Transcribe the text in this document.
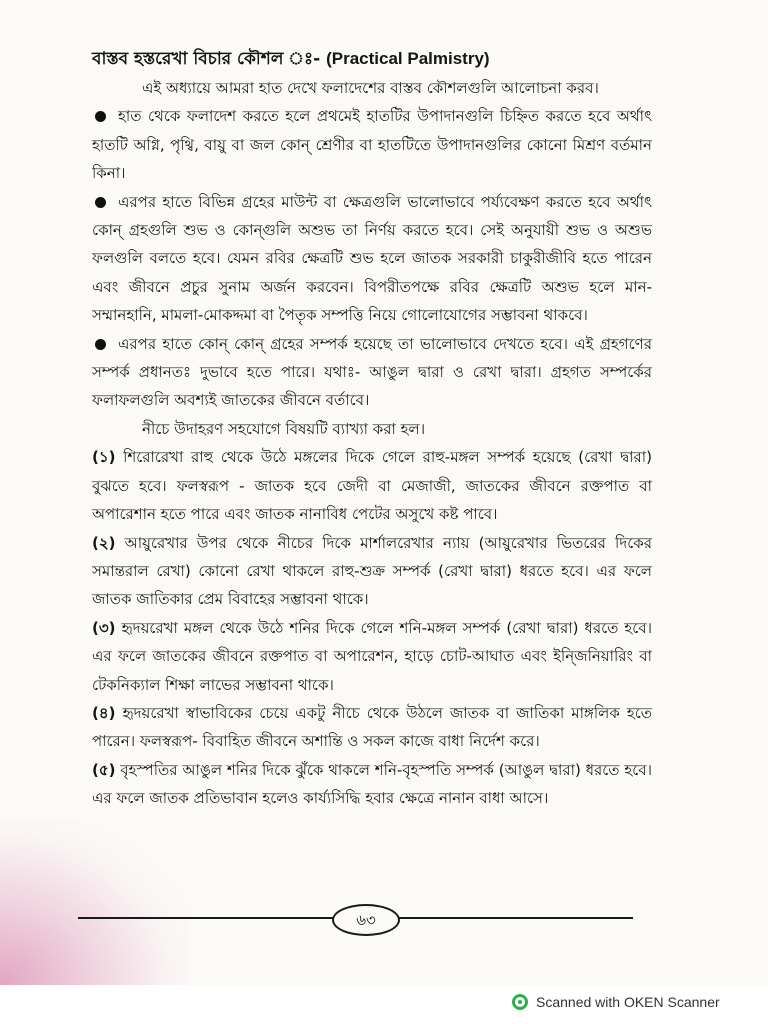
বাস্তব হস্তরেখা বিচার কৌশল ঃ- (Practical Palmistry)

এই অধ্যায়ে আমরা হাত দেখে ফলাদেশের বাস্তব কৌশলগুলি আলোচনা করব।

হাত থেকে ফলাদেশ করতে হলে প্রথমেই হাতটির উপাদানগুলি চিহ্নিত করতে হবে অর্থাৎ হাতটি অগ্নি, পৃথ্বি, বায়ু বা জল কোন্ শ্রেণীর বা হাতটিতে উপাদানগুলির কোনো মিশ্রণ বর্তমান কিনা।

এরপর হাতে বিভিন্ন গ্রহের মাউন্ট বা ক্ষেত্রগুলি ভালোভাবে পর্য্যবেক্ষণ করতে হবে অর্থাৎ কোন্ গ্রহগুলি শুভ ও কোন্গুলি অশুভ তা নির্ণয় করতে হবে। সেই অনুযায়ী শুভ ও অশুভ ফলগুলি বলতে হবে। যেমন রবির ক্ষেত্রটি শুভ হলে জাতক সরকারী চাকুরীজীবি হতে পারেন এবং জীবনে প্রচুর সুনাম অর্জন করবেন। বিপরীতপক্ষে রবির ক্ষেত্রটি অশুভ হলে মান-সম্মানহানি, মামলা-মোকদ্দমা বা পৈতৃক সম্পত্তি নিয়ে গোলোযোগের সম্ভাবনা থাকবে।

এরপর হাতে কোন্ কোন্ গ্রহের সম্পর্ক হয়েছে তা ভালোভাবে দেখতে হবে। এই গ্রহগণের সম্পর্ক প্রধানতঃ দুভাবে হতে পারে। যথাঃ- আঙুল দ্বারা ও রেখা দ্বারা। গ্রহগত সম্পর্কের ফলাফলগুলি অবশ্যই জাতকের জীবনে বর্তাবে।

নীচে উদাহরণ সহযোগে বিষয়টি ব্যাখ্যা করা হল।

(১) শিরোরেখা রাহু থেকে উঠে মঙ্গলের দিকে গেলে রাহু-মঙ্গল সম্পর্ক হয়েছে (রেখা দ্বারা) বুঝতে হবে। ফলস্বরূপ - জাতক হবে জেদী বা মেজাজী, জাতকের জীবনে রক্তপাত বা অপারেশান হতে পারে এবং জাতক নানাবিধ পেটের অসুখে কষ্ট পাবে।

(২) আয়ুরেখার উপর থেকে নীচের দিকে মার্শালরেখার ন্যায় (আয়ুরেখার ভিতরের দিকের সমান্তরাল রেখা) কোনো রেখা থাকলে রাহু-শুক্র সম্পর্ক (রেখা দ্বারা) ধরতে হবে। এর ফলে জাতক জাতিকার প্রেম বিবাহের সম্ভাবনা থাকে।

(৩) হৃদয়রেখা মঙ্গল থেকে উঠে শনির দিকে গেলে শনি-মঙ্গল সম্পর্ক (রেখা দ্বারা) ধরতে হবে। এর ফলে জাতকের জীবনে রক্তপাত বা অপারেশন, হাড়ে চোট-আঘাত এবং ইন্জিনিয়ারিং বা টেকনিক্যাল শিক্ষা লাভের সম্ভাবনা থাকে।

(৪) হৃদয়রেখা স্বাভাবিকের চেয়ে একটু নীচে থেকে উঠলে জাতক বা জাতিকা মাঙ্গলিক হতে পারেন। ফলস্বরূপ- বিবাহিত জীবনে অশান্তি ও সকল কাজে বাধা নির্দেশ করে।

(৫) বৃহস্পতির আঙুল শনির দিকে ঝুঁকে থাকলে শনি-বৃহস্পতি সম্পর্ক (আঙুল দ্বারা) ধরতে হবে। এর ফলে জাতক প্রতিভাবান হলেও কার্য্যসিদ্ধি হবার ক্ষেত্রে নানান বাধা আসে।

৬৩
Scanned with OKEN Scanner
